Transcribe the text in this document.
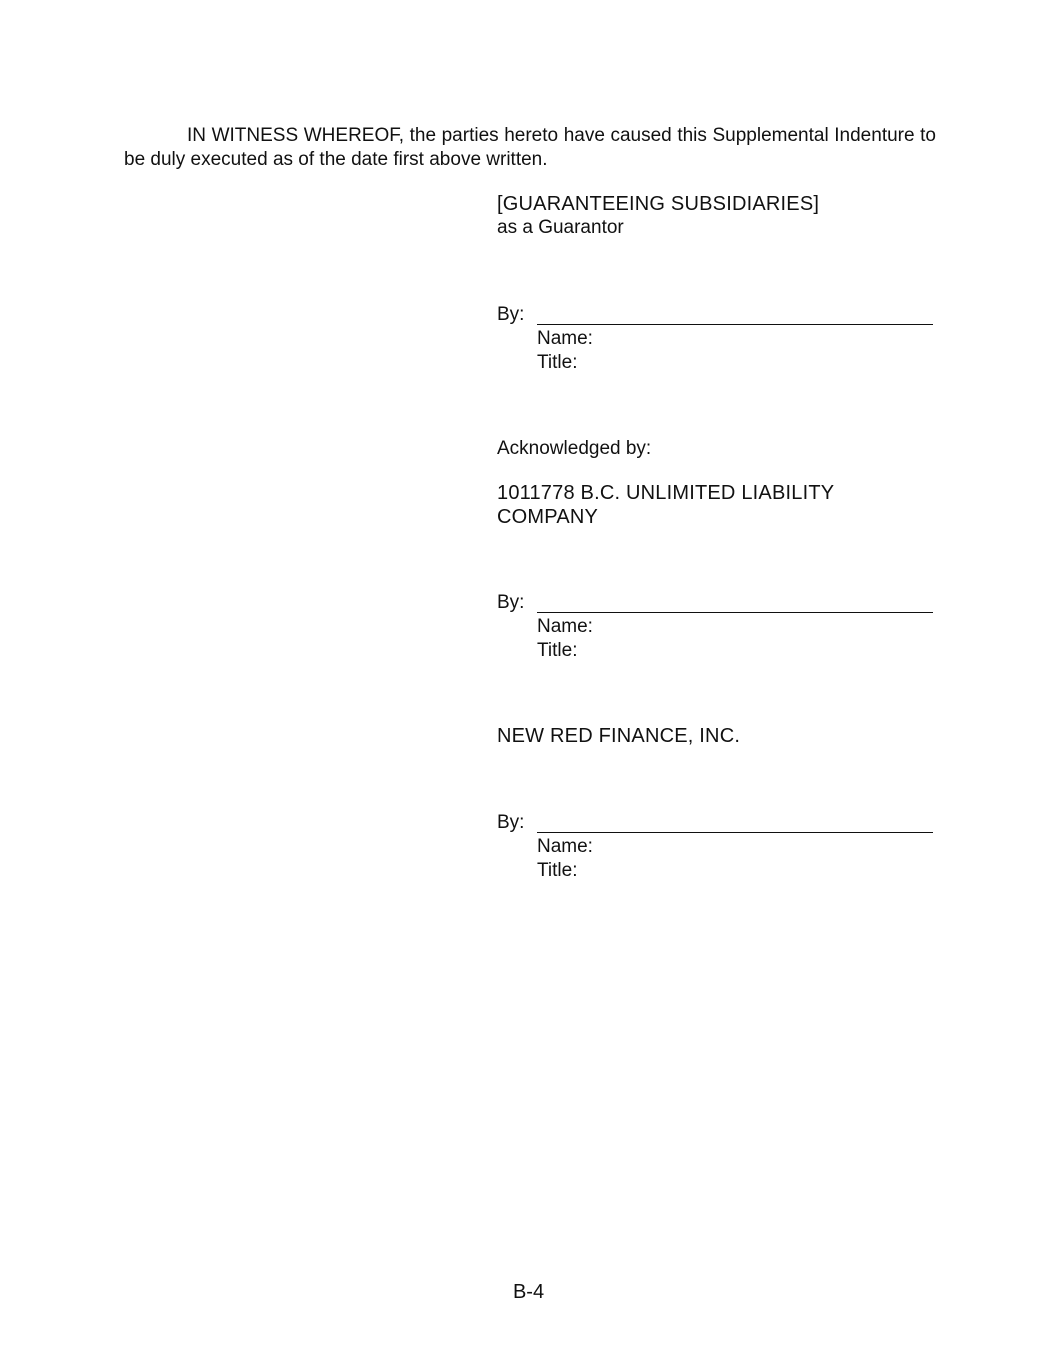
IN WITNESS WHEREOF, the parties hereto have caused this Supplemental Indenture to be duly executed as of the date first above written.

[GUARANTEEING SUBSIDIARIES]
as a Guarantor
By:
Name:
Title:
Acknowledged by:
1011778 B.C. UNLIMITED LIABILITY
COMPANY
By:
Name:
Title:
NEW RED FINANCE, INC.
By:
Name:
Title:
B-4
